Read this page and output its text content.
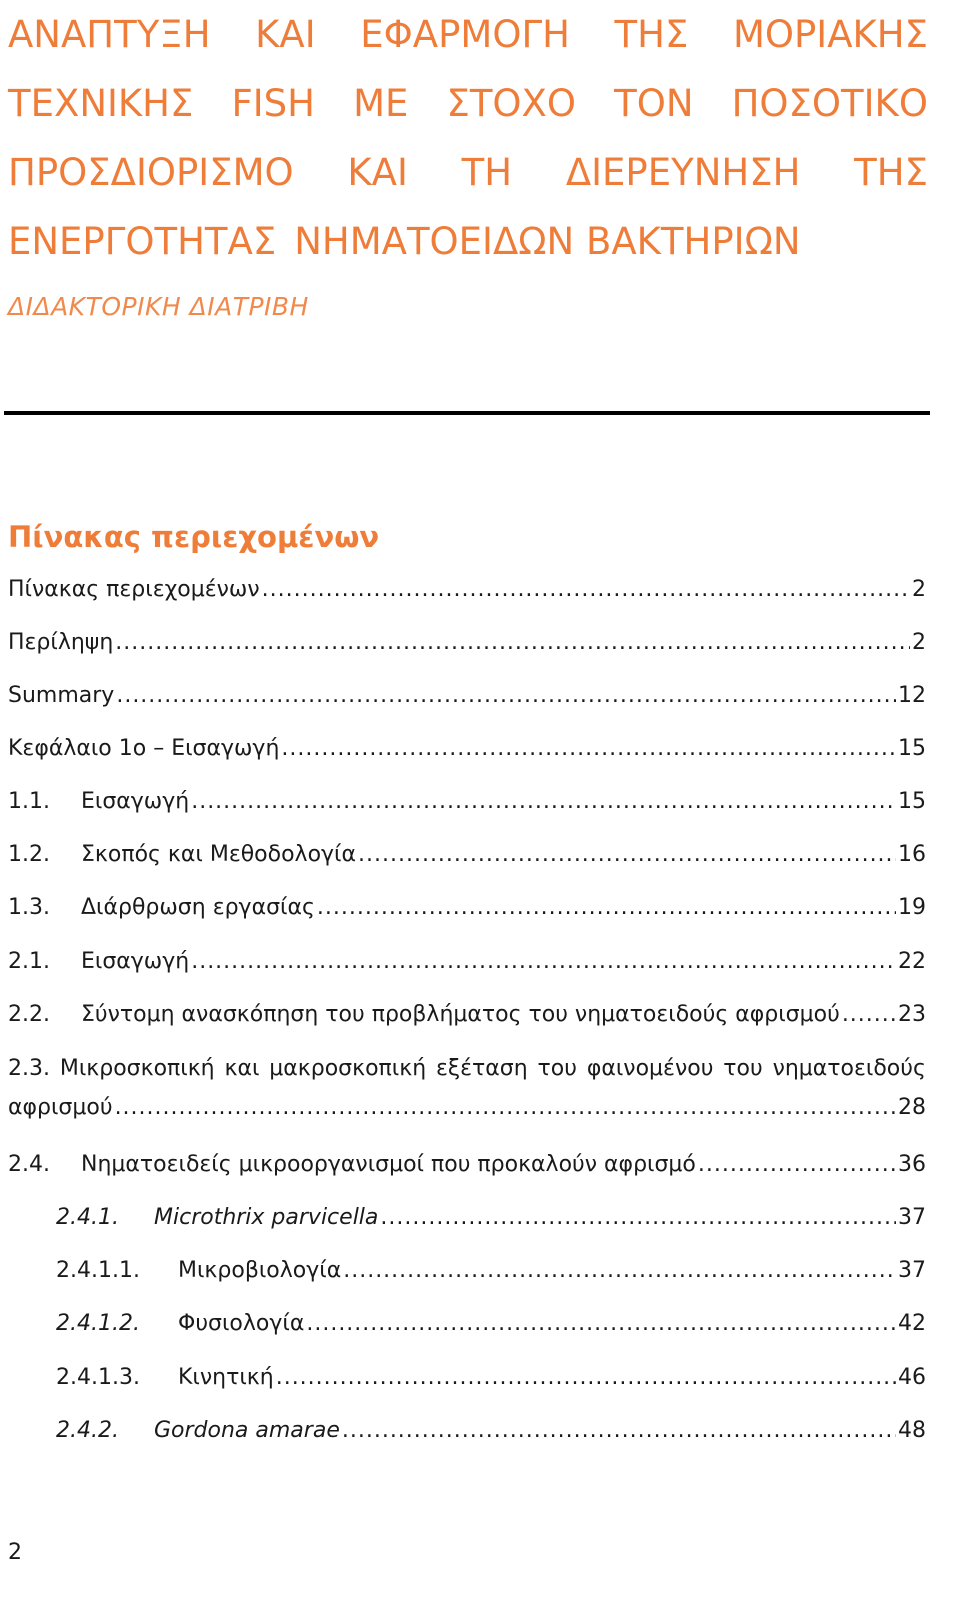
ΑΝΑΠΤΥΞΗ ΚΑΙ ΕΦΑΡΜΟΓΗ ΤΗΣ ΜΟΡΙΑΚΗΣ
ΤΕΧΝΙΚΗΣ FISH ΜΕ ΣΤΟΧΟ ΤΟΝ ΠΟΣΟΤΙΚΟ
ΠΡΟΣΔΙΟΡΙΣΜΟ ΚΑΙ ΤΗ ΔΙΕΡΕΥΝΗΣΗ ΤΗΣ
ΕΝΕΡΓΟΤΗΤΑΣ ΝΗΜΑΤΟΕΙΔΩΝ ΒΑΚΤΗΡΙΩΝ
ΔΙΔΑΚΤΟΡΙΚΗ ΔΙΑΤΡΙΒΗ
Πίνακας περιεχομένων
Πίνακας περιεχομένων .....	2
Περίληψη .....	2
Summary .....	12
Κεφάλαιο 1ο – Εισαγωγή .....	15
1.1.	Εισαγωγή .....	15
1.2.	Σκοπός και Μεθοδολογία .....	16
1.3.	Διάρθρωση εργασίας .....	19
2.1.	Εισαγωγή .....	22
2.2.	Σύντομη ανασκόπηση του προβλήματος του νηματοειδούς αφρισμού .....	23
2.3. Μικροσκοπική και μακροσκοπική εξέταση του φαινομένου του νηματοειδούς
αφρισμού .....	28
2.4.	Νηματοειδείς μικροοργανισμοί που προκαλούν αφρισμό .....	36
2.4.1.	Microthrix parvicella .....	37
2.4.1.1.	Μικροβιολογία .....	37
2.4.1.2.	Φυσιολογία .....	42
2.4.1.3.	Κινητική .....	46
2.4.2.	Gordona amarae .....	48
2
